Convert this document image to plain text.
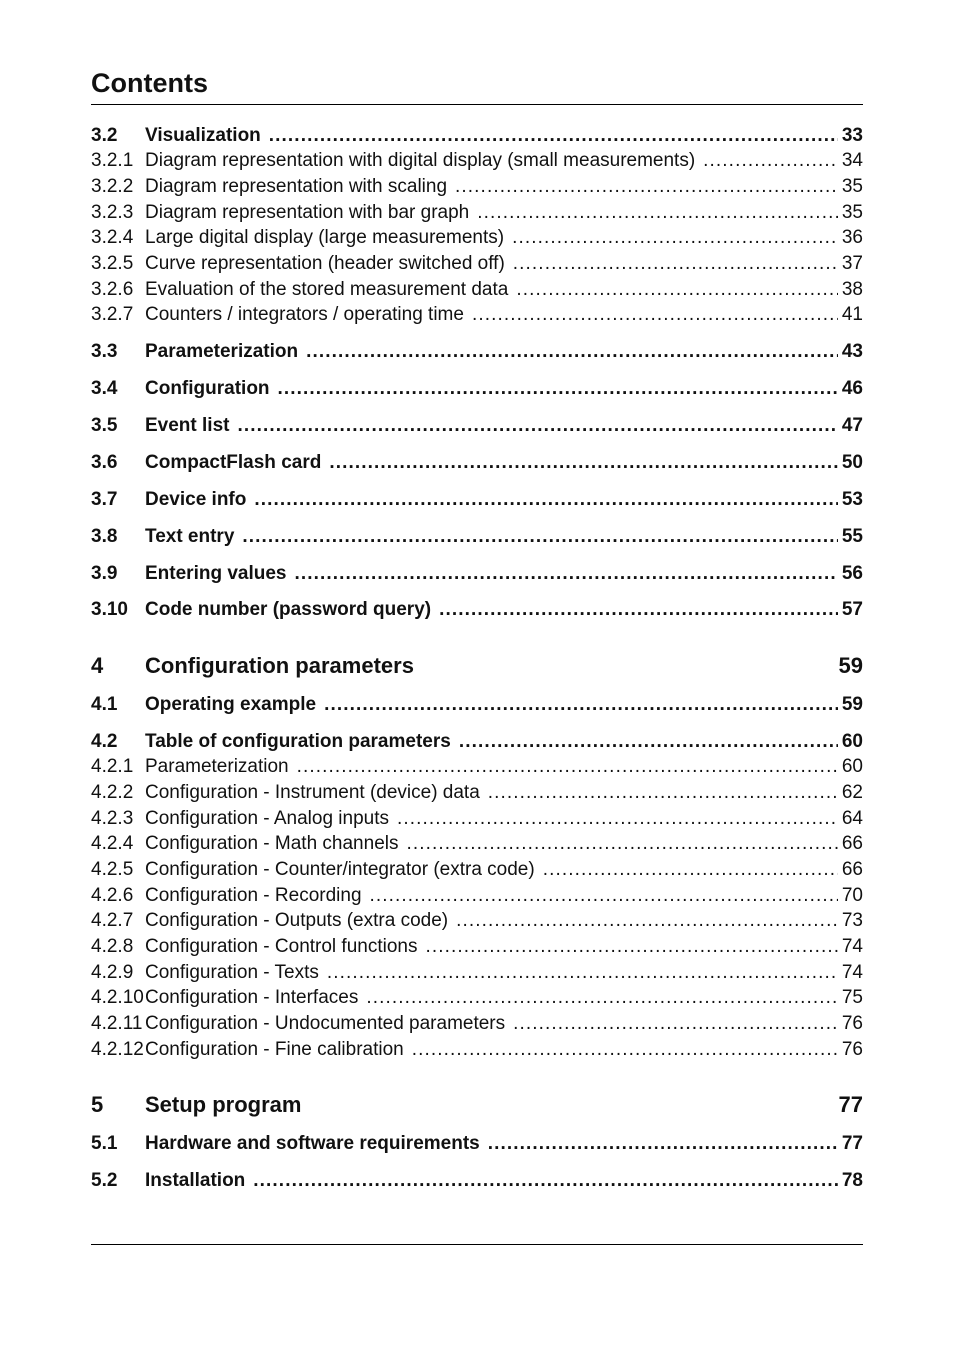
Contents
3.2	Visualization .....	33
3.2.1 Diagram representation with digital display (small measurements) .....	34
3.2.2 Diagram representation with scaling .....	35
3.2.3 Diagram representation with bar graph .....	35
3.2.4 Large digital display (large measurements) .....	36
3.2.5 Curve representation (header switched off) .....	37
3.2.6 Evaluation of the stored measurement data .....	38
3.2.7 Counters / integrators / operating time .....	41
3.3	Parameterization .....	43
3.4	Configuration .....	46
3.5	Event list .....	47
3.6	CompactFlash card .....	50
3.7	Device info .....	53
3.8	Text entry .....	55
3.9	Entering values .....	56
3.10 Code number (password query) .....	57
4	Configuration parameters	59
4.1	Operating example .....	59
4.2	Table of configuration parameters .....	60
4.2.1 Parameterization .....	60
4.2.2 Configuration - Instrument (device) data .....	62
4.2.3 Configuration - Analog inputs .....	64
4.2.4 Configuration - Math channels .....	66
4.2.5 Configuration - Counter/integrator (extra code) .....	66
4.2.6 Configuration - Recording .....	70
4.2.7 Configuration - Outputs (extra code) .....	73
4.2.8 Configuration - Control functions .....	74
4.2.9 Configuration - Texts .....	74
4.2.10 Configuration - Interfaces .....	75
4.2.11 Configuration - Undocumented parameters .....	76
4.2.12 Configuration - Fine calibration .....	76
5	Setup program	77
5.1	Hardware and software requirements .....	77
5.2	Installation .....	78
